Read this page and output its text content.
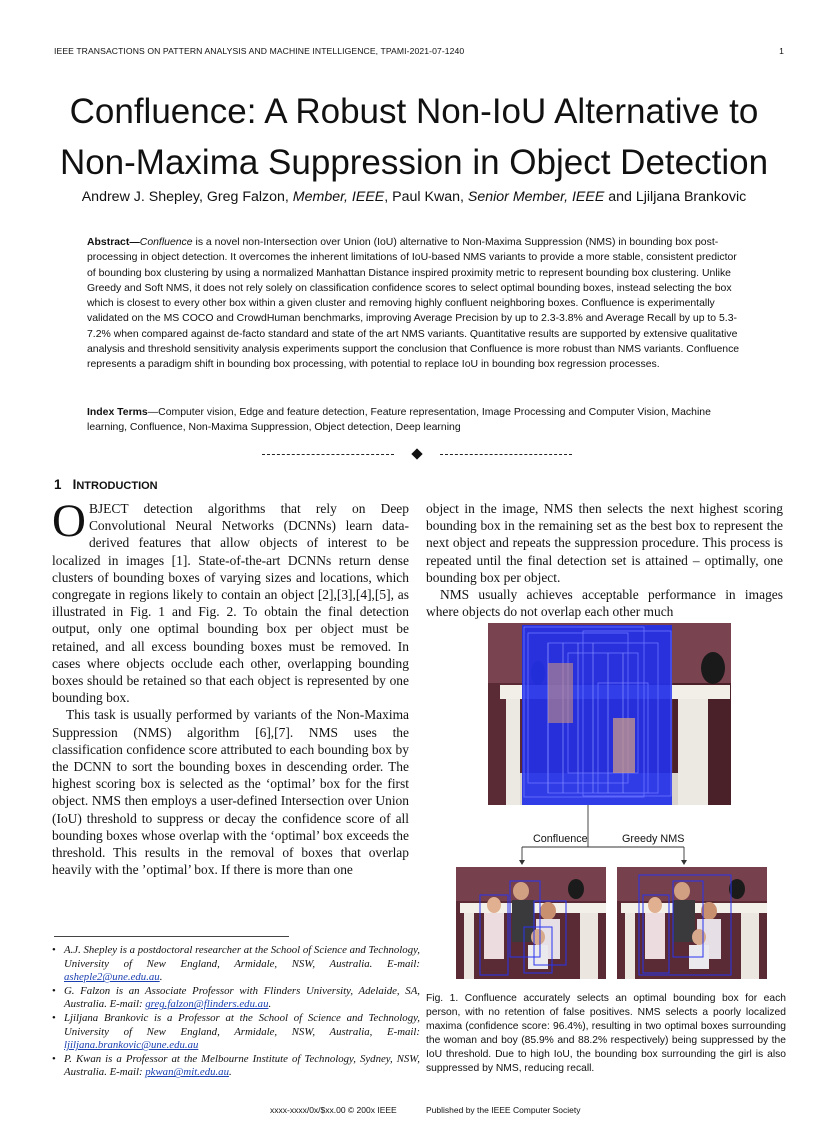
IEEE TRANSACTIONS ON PATTERN ANALYSIS AND MACHINE INTELLIGENCE, TPAMI-2021-07-1240	1
Confluence: A Robust Non-IoU Alternative to
Non-Maxima Suppression in Object Detection
Andrew J. Shepley, Greg Falzon, Member, IEEE, Paul Kwan, Senior Member, IEEE and Ljiljana Brankovic
Abstract—Confluence is a novel non-Intersection over Union (IoU) alternative to Non-Maxima Suppression (NMS) in bounding box post-processing in object detection. It overcomes the inherent limitations of IoU-based NMS variants to provide a more stable, consistent predictor of bounding box clustering by using a normalized Manhattan Distance inspired proximity metric to represent bounding box clustering. Unlike Greedy and Soft NMS, it does not rely solely on classification confidence scores to select optimal bounding boxes, instead selecting the box which is closest to every other box within a given cluster and removing highly confluent neighboring boxes. Confluence is experimentally validated on the MS COCO and CrowdHuman benchmarks, improving Average Precision by up to 2.3-3.8% and Average Recall by up to 5.3-7.2% when compared against de-facto standard and state of the art NMS variants. Quantitative results are supported by extensive qualitative analysis and threshold sensitivity analysis experiments support the conclusion that Confluence is more robust than NMS variants. Confluence represents a paradigm shift in bounding box processing, with potential to replace IoU in bounding box regression processes.
Index Terms—Computer vision, Edge and feature detection, Feature representation, Image Processing and Computer Vision, Machine learning, Confluence, Non-Maxima Suppression, Object detection, Deep learning
1 INTRODUCTION

OBJECT detection algorithms that rely on Deep Convolutional Neural Networks (DCNNs) learn data-derived features that allow objects of interest to be localized in images [1]. State-of-the-art DCNNs return dense clusters of bounding boxes of varying sizes and locations, which congregate in regions likely to contain an object [2],[3],[4],[5], as illustrated in Fig. 1 and Fig. 2. To obtain the final detection output, only one optimal bounding box per object must be retained, and all excess bounding boxes must be removed. In cases where objects occlude each other, overlapping bounding boxes should be retained so that each object is represented by one bounding box.

This task is usually performed by variants of the Non-Maxima Suppression (NMS) algorithm [6],[7]. NMS uses the classification confidence score attributed to each bounding box by the DCNN to sort the bounding boxes in descending order. The highest scoring box is selected as the ‘optimal’ box for the first object. NMS then employs a user-defined Intersection over Union (IoU) threshold to suppress or decay the confidence score of all bounding boxes whose overlap with the ‘optimal’ box exceeds the threshold. This results in the removal of boxes that overlap heavily with the ’optimal’ box. If there is more than one

object in the image, NMS then selects the next highest scoring bounding box in the remaining set as the best box to represent the next object and repeats the suppression procedure. This process is repeated until the final detection set is attained – optimally, one bounding box per object.

NMS usually achieves acceptable performance in images where objects do not overlap each other much

Confluence	Greedy NMS
Fig. 1. Confluence accurately selects an optimal bounding box for each person, with no retention of false positives. NMS selects a poorly localized maxima (confidence score: 96.4%), resulting in two optimal boxes surrounding the woman and boy (85.9% and 88.2% respectively) being suppressed by the IoU threshold. Due to high IoU, the bounding box surrounding the girl is also suppressed by NMS, reducing recall.
• A.J. Shepley is a postdoctoral researcher at the School of Science and Technology, University of New England, Armidale, NSW, Australia. E-mail: asheple2@une.edu.au.
• G. Falzon is an Associate Professor with Flinders University, Adelaide, SA, Australia. E-mail: greg.falzon@flinders.edu.au.
• Ljiljana Brankovic is a Professor at the School of Science and Technology, University of New England, Armidale, NSW, Australia, E-mail: ljiljana.brankovic@une.edu.au
• P. Kwan is a Professor at the Melbourne Institute of Technology, Sydney, NSW, Australia. E-mail: pkwan@mit.edu.au.
xxxx-xxxx/0x/$xx.00 © 200x IEEE	Published by the IEEE Computer Society
